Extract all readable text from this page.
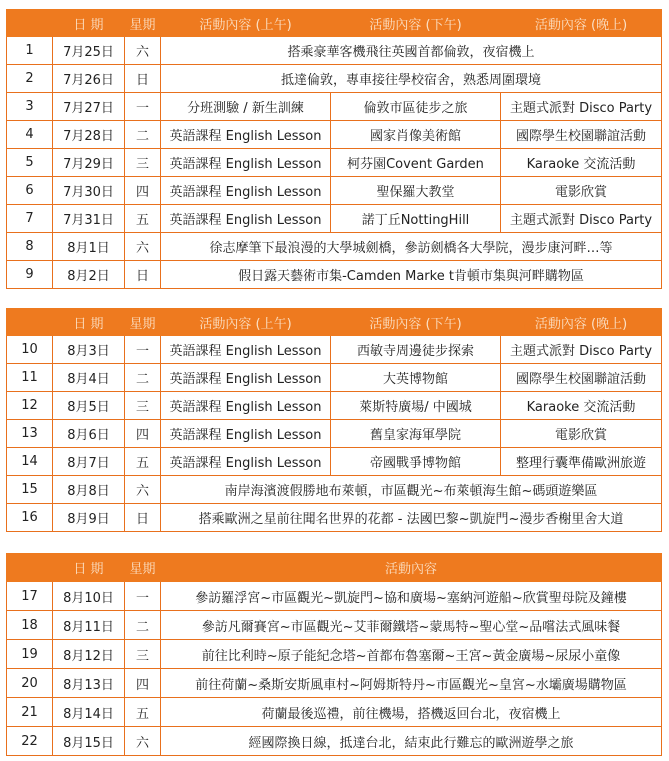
	日 期	星期	活動內容 (上午)	活動內容 (下午)	活動內容 (晚上)
1	7月25日	六	搭乘豪華客機飛往英國首都倫敦，夜宿機上		
2	7月26日	日	抵達倫敦，專車接往學校宿舍，熟悉周圍環境		
3	7月27日	一	分班測驗 / 新生訓練	倫敦市區徒步之旅	主題式派對 Disco Party
4	7月28日	二	英語課程 English Lesson	國家肖像美術館	國際學生校園聯誼活動
5	7月29日	三	英語課程 English Lesson	柯芬園Covent Garden	Karaoke 交流活動
6	7月30日	四	英語課程 English Lesson	聖保羅大教堂	電影欣賞
7	7月31日	五	英語課程 English Lesson	諾丁丘NottingHill	主題式派對 Disco Party
8	8月1日	六	徐志摩筆下最浪漫的大學城劍橋，參訪劍橋各大學院，漫步康河畔…等		
9	8月2日	日	假日露天藝術市集-Camden Marke t肯頓市集與河畔購物區		
	日 期	星期	活動內容 (上午)	活動內容 (下午)	活動內容 (晚上)
10	8月3日	一	英語課程 English Lesson	西敏寺周邊徒步探索	主題式派對 Disco Party
11	8月4日	二	英語課程 English Lesson	大英博物館	國際學生校園聯誼活動
12	8月5日	三	英語課程 English Lesson	萊斯特廣場/ 中國城	Karaoke 交流活動
13	8月6日	四	英語課程 English Lesson	舊皇家海軍學院	電影欣賞
14	8月7日	五	英語課程 English Lesson	帝國戰爭博物館	整理行囊準備歐洲旅遊
15	8月8日	六	南岸海濱渡假勝地布萊頓，市區觀光~布萊頓海生館~碼頭遊樂區		
16	8月9日	日	搭乘歐洲之星前往聞名世界的花都 - 法國巴黎~凱旋門~漫步香榭里舍大道		
	日 期	星期	活動內容
17	8月10日	一	參訪羅浮宮~市區觀光~凱旋門~協和廣場~塞納河遊船~欣賞聖母院及鐘樓
18	8月11日	二	參訪凡爾賽宮~市區觀光~艾菲爾鐵塔~蒙馬特~聖心堂~品嚐法式風味餐
19	8月12日	三	前往比利時~原子能紀念塔~首都布魯塞爾~王宮~黃金廣場~尿尿小童像
20	8月13日	四	前往荷蘭~桑斯安斯風車村~阿姆斯特丹~市區觀光~皇宮~水壩廣場購物區
21	8月14日	五	荷蘭最後巡禮，前往機場，搭機返回台北，夜宿機上
22	8月15日	六	經國際換日線，抵達台北，結束此行難忘的歐洲遊學之旅
